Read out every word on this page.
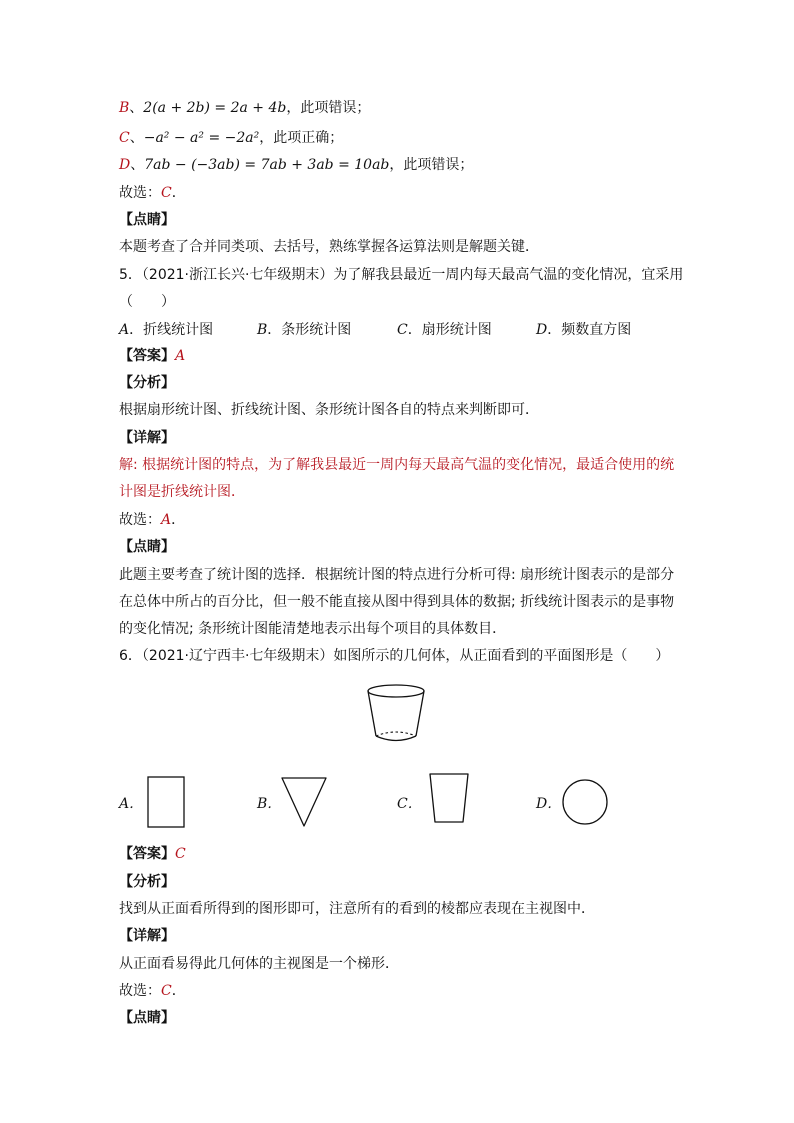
B、2(a + 2b) = 2a + 4b，此项错误；
C、−a² − a² = −2a²，此项正确；
D、7ab − (−3ab) = 7ab + 3ab = 10ab，此项错误；
故选：C．
【点睛】
本题考查了合并同类项、去括号，熟练掌握各运算法则是解题关键．
5．（2021·浙江长兴·七年级期末）为了解我县最近一周内每天最高气温的变化情况，宜采用
（　　）
A．折线统计图	B．条形统计图	C．扇形统计图	D．频数直方图
【答案】A
【分析】
根据扇形统计图、折线统计图、条形统计图各自的特点来判断即可．
【详解】
解: 根据统计图的特点，为了解我县最近一周内每天最高气温的变化情况，最适合使用的统
计图是折线统计图．
故选：A．
【点睛】
此题主要考查了统计图的选择．根据统计图的特点进行分析可得: 扇形统计图表示的是部分
在总体中所占的百分比，但一般不能直接从图中得到具体的数据; 折线统计图表示的是事物
的变化情况; 条形统计图能清楚地表示出每个项目的具体数目．
6．（2021·辽宁西丰·七年级期末）如图所示的几何体，从正面看到的平面图形是（　　）
A．	B．	C．	D．
【答案】C
【分析】
找到从正面看所得到的图形即可，注意所有的看到的棱都应表现在主视图中．
【详解】
从正面看易得此几何体的主视图是一个梯形．
故选：C．
【点睛】
